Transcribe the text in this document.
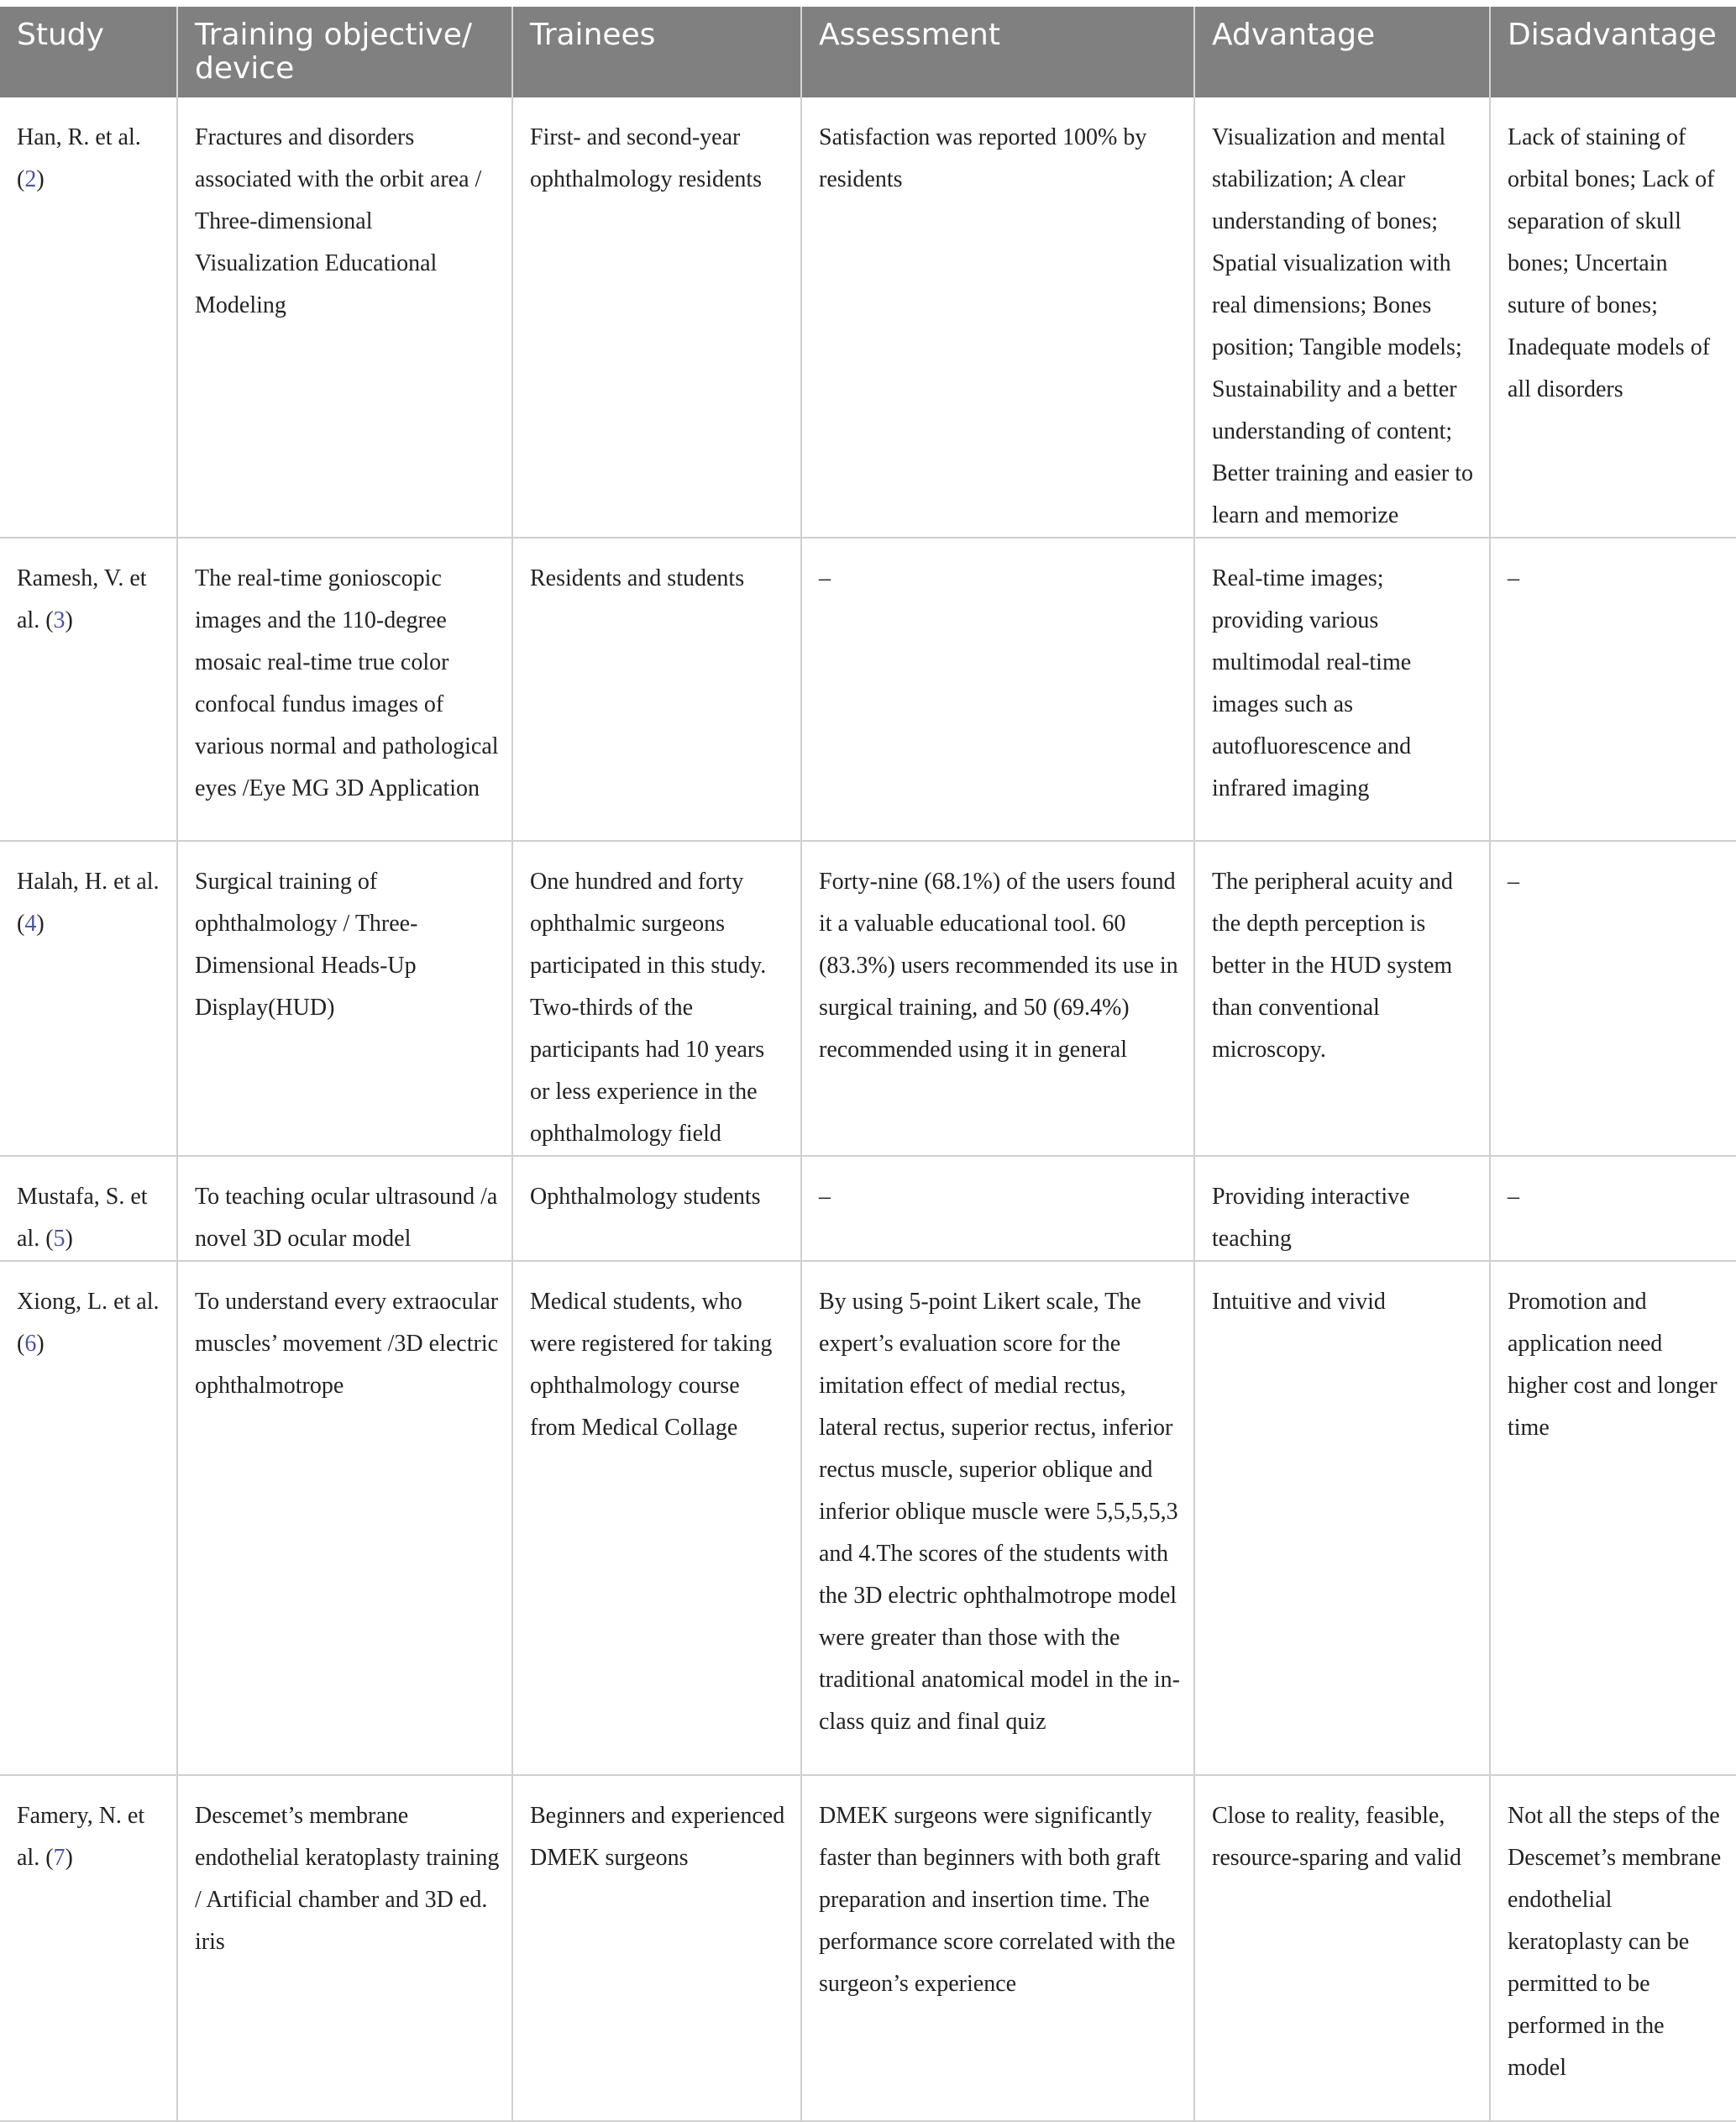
Study	Training objective/ device	Trainees	Assessment	Advantage	Disadvantage
Han, R. et al. (2)	Fractures and disorders associated with the orbit area / Three-dimensional Visualization Educational Modeling	First- and second-year ophthalmology residents	Satisfaction was reported 100% by residents	Visualization and mental stabilization; A clear understanding of bones; Spatial visualization with real dimensions; Bones position; Tangible models; Sustainability and a better understanding of content; Better training and easier to learn and memorize	Lack of staining of orbital bones; Lack of separation of skull bones; Uncertain suture of bones; Inadequate models of all disorders
Ramesh, V. et al. (3)	The real-time gonioscopic images and the 110-degree mosaic real-time true color confocal fundus images of various normal and pathological eyes /Eye MG 3D Application	Residents and students	–	Real-time images; providing various multimodal real-time images such as autofluorescence and infrared imaging	–
Halah, H. et al. (4)	Surgical training of ophthalmology / Three-Dimensional Heads-Up Display(HUD)	One hundred and forty ophthalmic surgeons participated in this study. Two-thirds of the participants had 10 years or less experience in the ophthalmology field	Forty-nine (68.1%) of the users found it a valuable educational tool. 60 (83.3%) users recommended its use in surgical training, and 50 (69.4%) recommended using it in general	The peripheral acuity and the depth perception is better in the HUD system than conventional microscopy.	–
Mustafa, S. et al. (5)	To teaching ocular ultrasound /a novel 3D ocular model	Ophthalmology students	–	Providing interactive teaching	–
Xiong, L. et al. (6)	To understand every extraocular muscles’ movement /3D electric ophthalmotrope	Medical students, who were registered for taking ophthalmology course from Medical Collage	By using 5-point Likert scale, The expert’s evaluation score for the imitation effect of medial rectus, lateral rectus, superior rectus, inferior rectus muscle, superior oblique and inferior oblique muscle were 5,5,5,5,3 and 4.The scores of the students with the 3D electric ophthalmotrope model were greater than those with the traditional anatomical model in the in-class quiz and final quiz	Intuitive and vivid	Promotion and application need higher cost and longer time
Famery, N. et al. (7)	Descemet’s membrane endothelial keratoplasty training / Artificial chamber and 3D ed. iris	Beginners and experienced DMEK surgeons	DMEK surgeons were significantly faster than beginners with both graft preparation and insertion time. The performance score correlated with the surgeon’s experience	Close to reality, feasible, resource-sparing and valid	Not all the steps of the Descemet’s membrane endothelial keratoplasty can be permitted to be performed in the model
